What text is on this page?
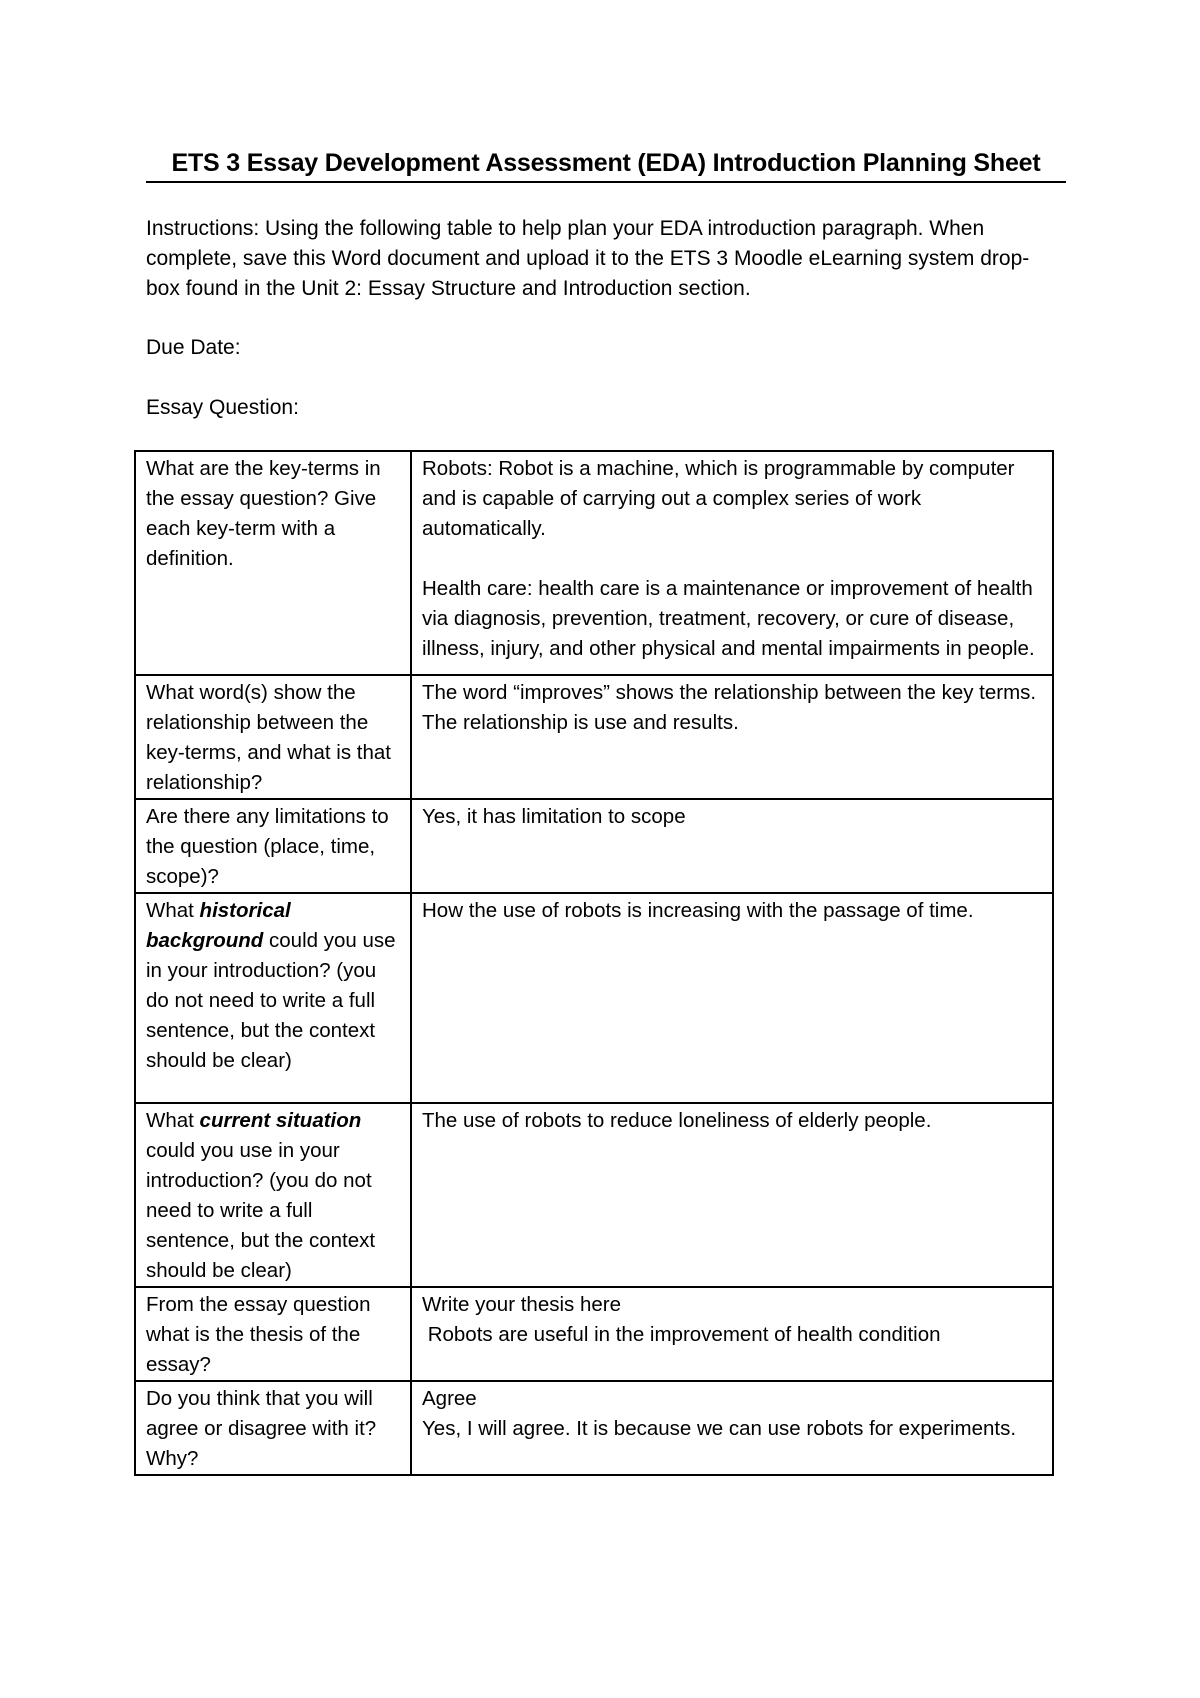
ETS 3 Essay Development Assessment (EDA) Introduction Planning Sheet

Instructions: Using the following table to help plan your EDA introduction paragraph. When complete, save this Word document and upload it to the ETS 3 Moodle eLearning system drop-box found in the Unit 2: Essay Structure and Introduction section.

Due Date:

Essay Question:

What are the key-terms in the essay question? Give each key-term with a definition.	Robots: Robot is a machine, which is programmable by computer and is capable of carrying out a complex series of work automatically.
Health care: health care is a maintenance or improvement of health via diagnosis, prevention, treatment, recovery, or cure of disease, illness, injury, and other physical and mental impairments in people.

What word(s) show the relationship between the key-terms, and what is that relationship?	The word “improves” shows the relationship between the key terms. The relationship is use and results.

Are there any limitations to the question (place, time, scope)?	Yes, it has limitation to scope

What historical background could you use in your introduction? (you do not need to write a full sentence, but the context should be clear)	How the use of robots is increasing with the passage of time.

What current situation could you use in your introduction? (you do not need to write a full sentence, but the context should be clear)	The use of robots to reduce loneliness of elderly people.

From the essay question what is the thesis of the essay?	Write your thesis here
Robots are useful in the improvement of health condition

Do you think that you will agree or disagree with it? Why?	Agree
Yes, I will agree. It is because we can use robots for experiments.
